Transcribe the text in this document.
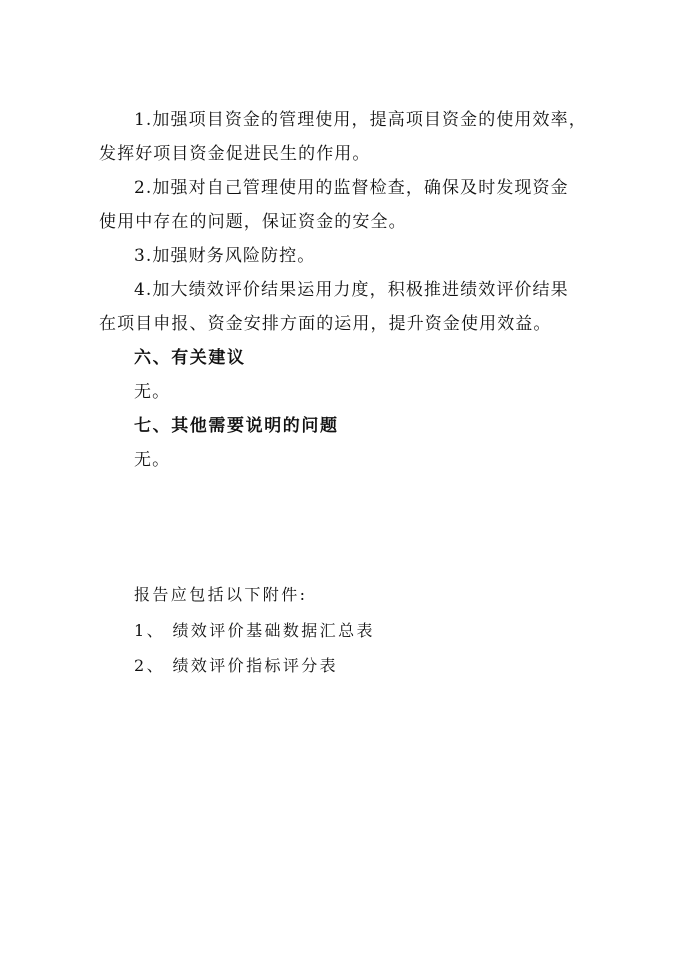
1.加强项目资金的管理使用，提高项目资金的使用效率，

发挥好项目资金促进民生的作用。

2.加强对自己管理使用的监督检查，确保及时发现资金

使用中存在的问题，保证资金的安全。

3.加强财务风险防控。

4.加大绩效评价结果运用力度，积极推进绩效评价结果

在项目申报、资金安排方面的运用，提升资金使用效益。

六、有关建议

无。

七、其他需要说明的问题

无。

报告应包括以下附件:

1、 绩效评价基础数据汇总表

2、 绩效评价指标评分表
